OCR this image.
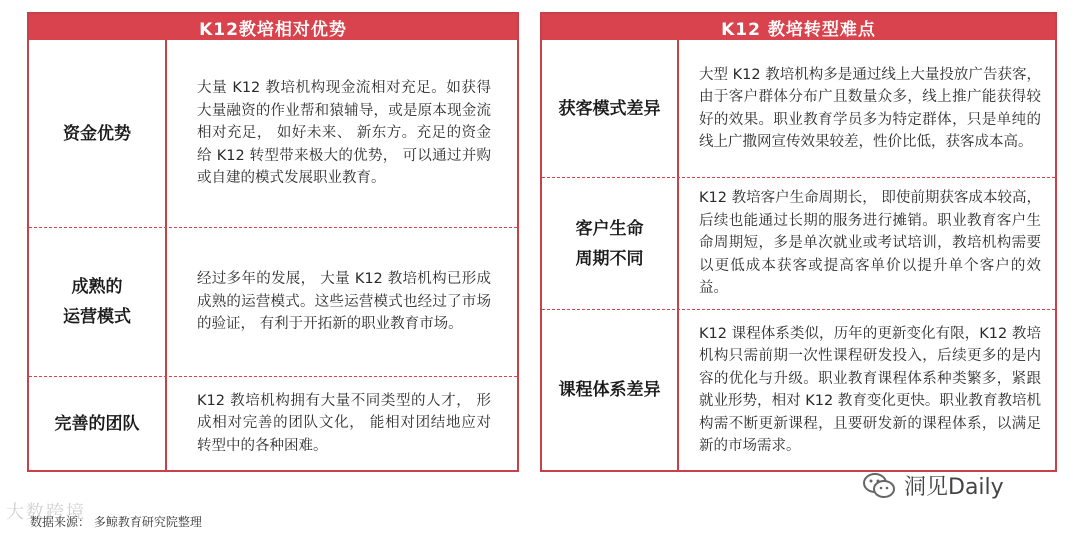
K12教培相对优势
资金优势
大量 K12 教培机构现金流相对充足。如获得大量融资的作业帮和猿辅导，或是原本现金流相对充足， 如好未来、 新东方。充足的资金给 K12 转型带来极大的优势， 可以通过并购或自建的模式发展职业教育。
成熟的
运营模式
经过多年的发展， 大量 K12 教培机构已形成成熟的运营模式。这些运营模式也经过了市场的验证， 有利于开拓新的职业教育市场。
完善的团队
K12 教培机构拥有大量不同类型的人才， 形成相对完善的团队文化， 能相对团结地应对转型中的各种困难。
K12 教培转型难点
获客模式差异
大型 K12 教培机构多是通过线上大量投放广告获客， 由于客户群体分布广且数量众多，线上推广能获得较好的效果。职业教育学员多为特定群体，只是单纯的线上广撒网宣传效果较差，性价比低，获客成本高。
客户生命
周期不同
K12 教培客户生命周期长， 即使前期获客成本较高，后续也能通过长期的服务进行摊销。职业教育客户生命周期短，多是单次就业或考试培训，教培机构需要以更低成本获客或提高客单价以提升单个客户的效益。
课程体系差异
K12 课程体系类似，历年的更新变化有限，K12 教培机构只需前期一次性课程研发投入，后续更多的是内容的优化与升级。职业教育课程体系种类繁多，紧跟就业形势，相对 K12 教育变化更快。职业教育教培机构需不断更新课程，且要研发新的课程体系，以满足新的市场需求。
大数跨境
数据来源： 多鲸教育研究院整理
洞见Daily
